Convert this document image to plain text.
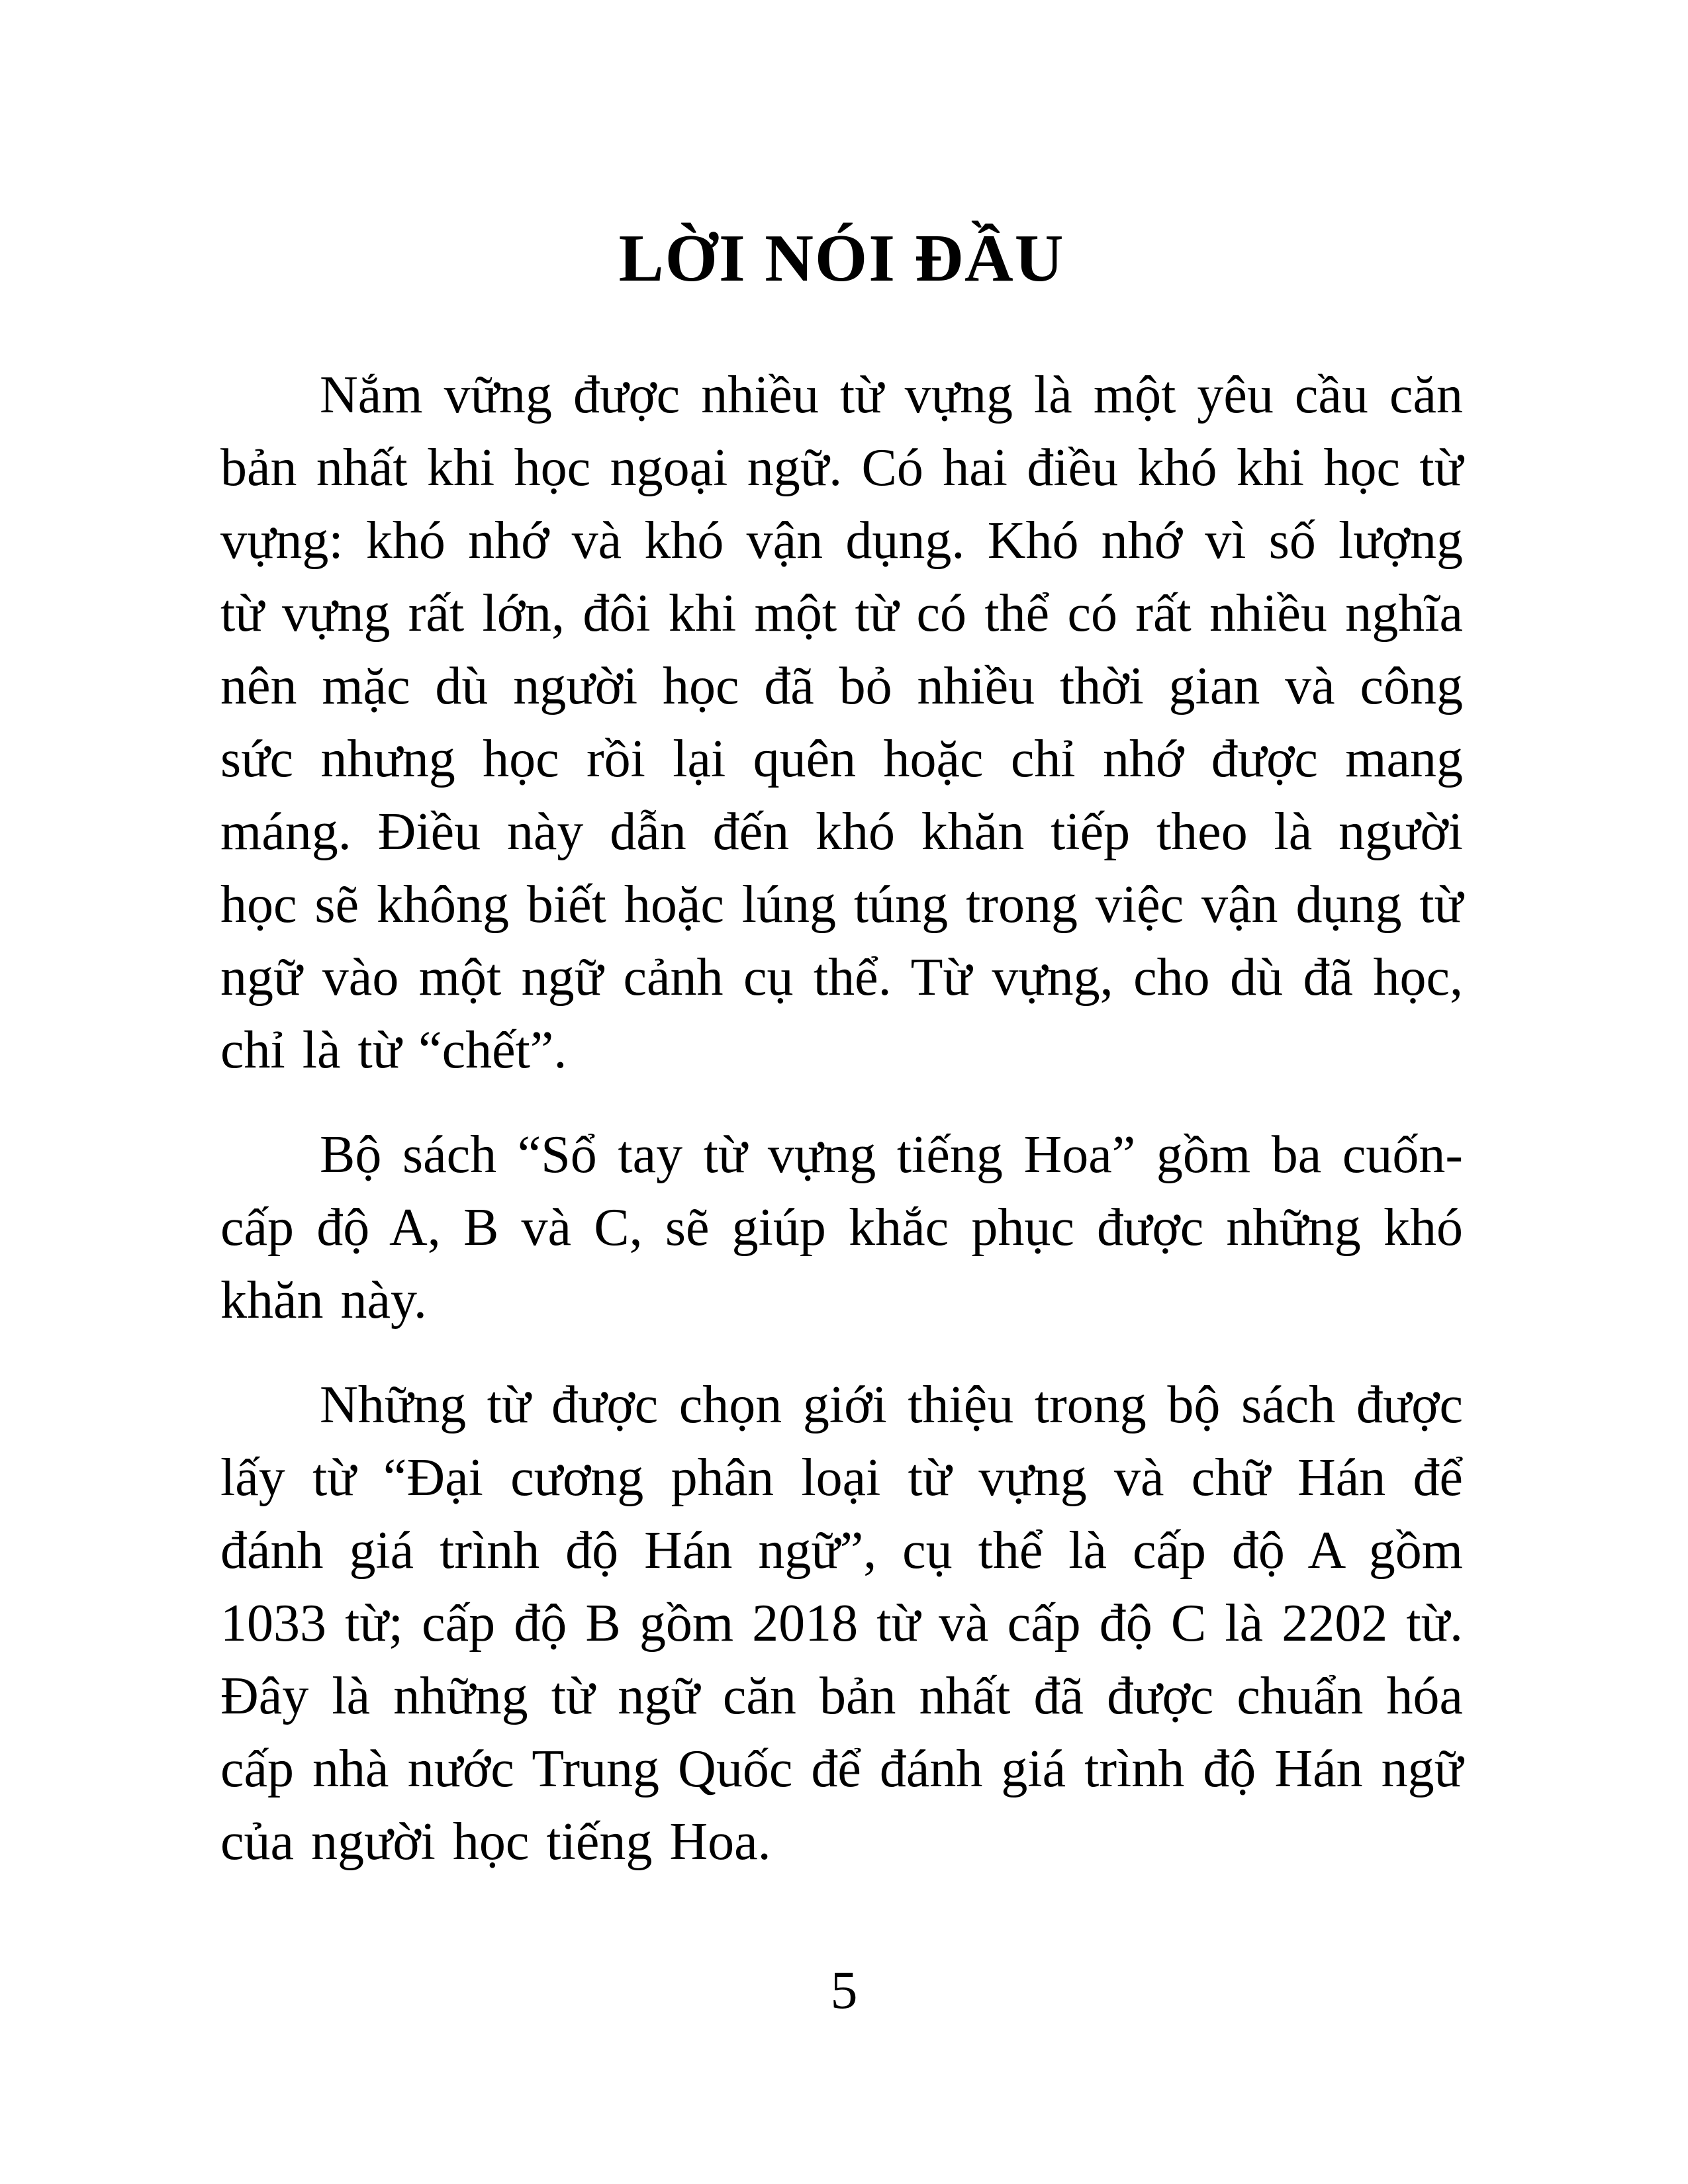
LỜI NÓI ĐẦU

Nắm vững được nhiều từ vựng là một yêu cầu căn bản nhất khi học ngoại ngữ. Có hai điều khó khi học từ vựng: khó nhớ và khó vận dụng. Khó nhớ vì số lượng từ vựng rất lớn, đôi khi một từ có thể có rất nhiều nghĩa nên mặc dù người học đã bỏ nhiều thời gian và công sức nhưng học rồi lại quên hoặc chỉ nhớ được mang máng. Điều này dẫn đến khó khăn tiếp theo là người học sẽ không biết hoặc lúng túng trong việc vận dụng từ ngữ vào một ngữ cảnh cụ thể. Từ vựng, cho dù đã học, chỉ là từ “chết”.

Bộ sách “Sổ tay từ vựng tiếng Hoa” gồm ba cuốn- cấp độ A, B và C, sẽ giúp khắc phục được những khó khăn này.

Những từ được chọn giới thiệu trong bộ sách được lấy từ “Đại cương phân loại từ vựng và chữ Hán để đánh giá trình độ Hán ngữ”, cụ thể là cấp độ A gồm 1033 từ; cấp độ B gồm 2018 từ và cấp độ C là 2202 từ. Đây là những từ ngữ căn bản nhất đã được chuẩn hóa cấp nhà nước Trung Quốc để đánh giá trình độ Hán ngữ của người học tiếng Hoa.

5
